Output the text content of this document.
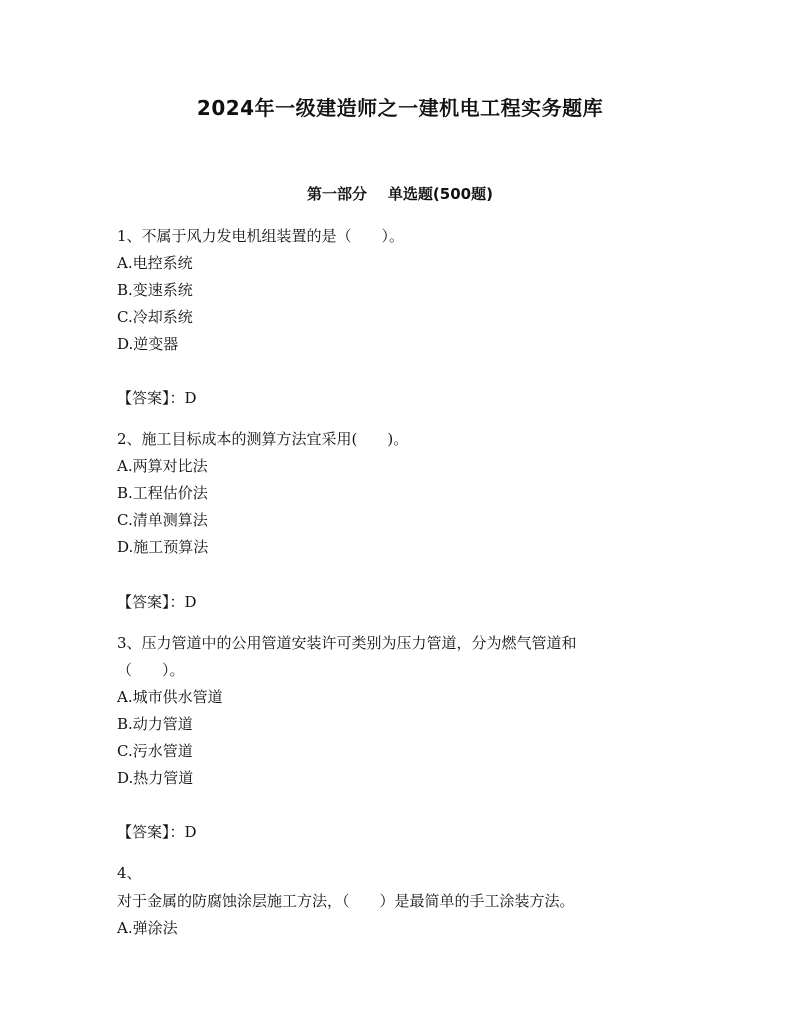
2024年一级建造师之一建机电工程实务题库
第一部分    单选题(500题)
1、不属于风力发电机组装置的是（　　）。
A.电控系统
B.变速系统
C.冷却系统
D.逆变器
【答案】：D
2、施工目标成本的测算方法宜采用(　　)。
A.两算对比法
B.工程估价法
C.清单测算法
D.施工预算法
【答案】：D
3、压力管道中的公用管道安装许可类别为压力管道，分为燃气管道和
（　　）。
A.城市供水管道
B.动力管道
C.污水管道
D.热力管道
【答案】：D
4、
对于金属的防腐蚀涂层施工方法，（　　）是最简单的手工涂装方法。
A.弹涂法
